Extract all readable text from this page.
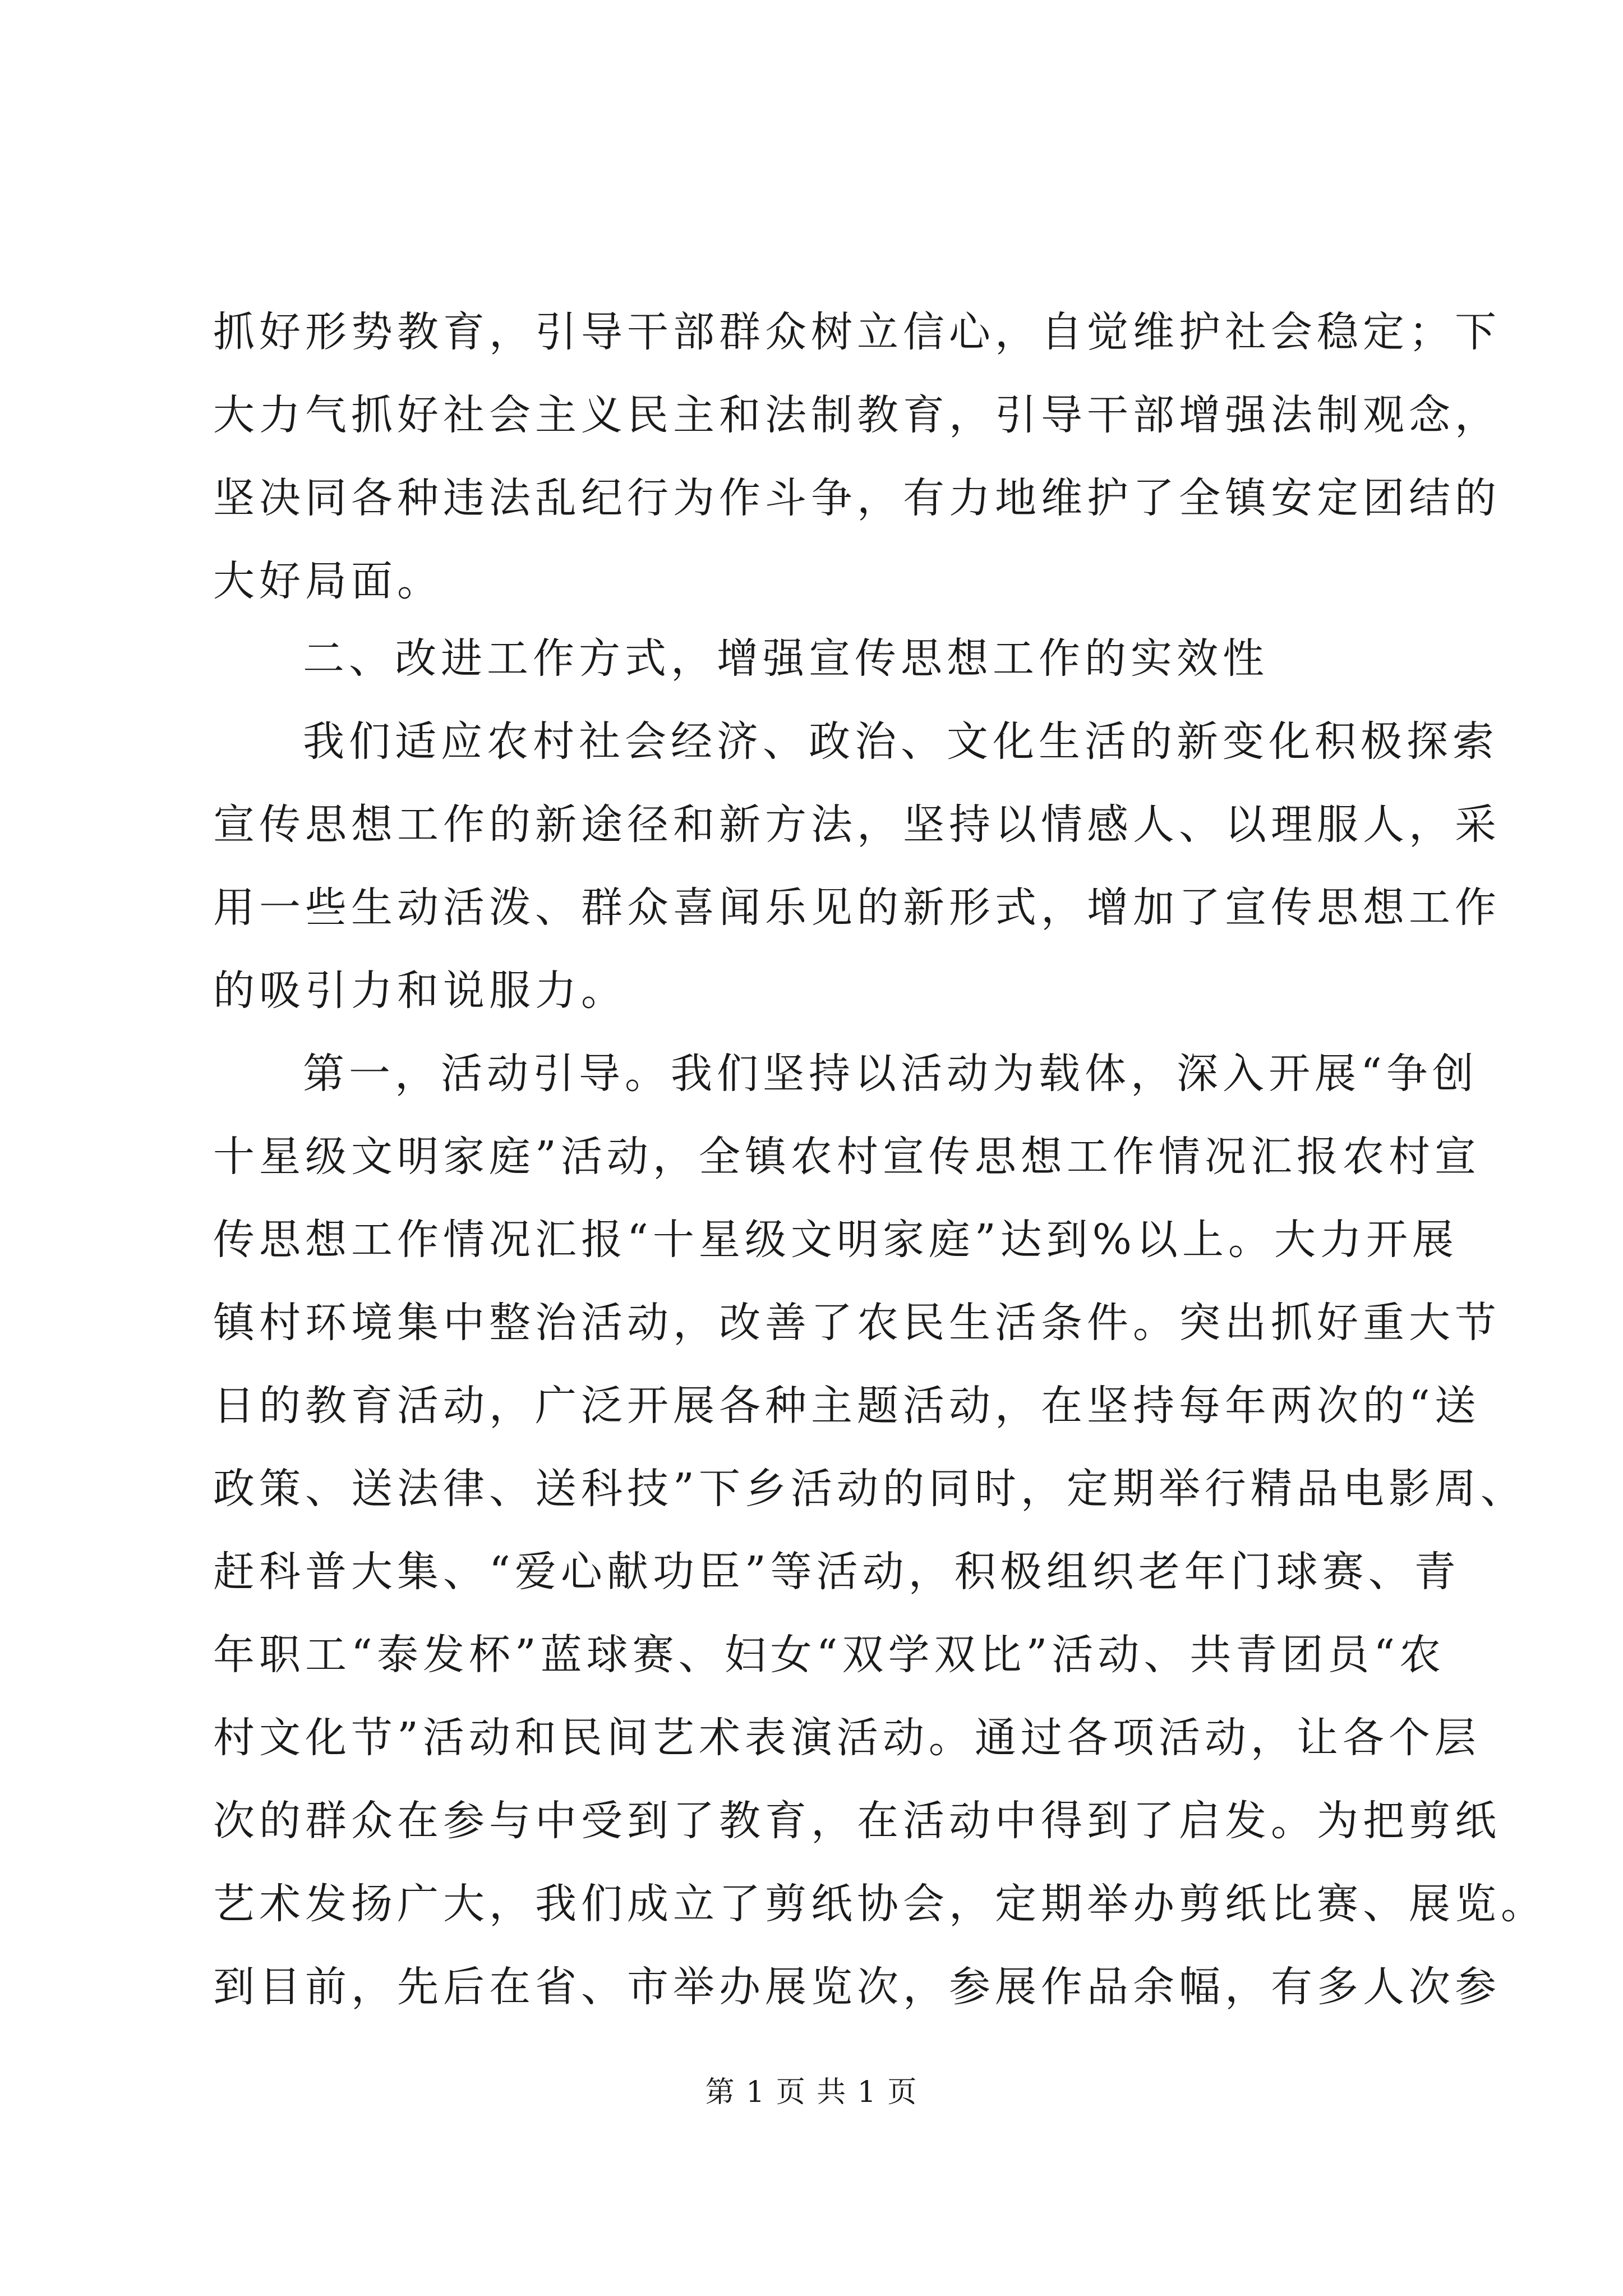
抓好形势教育，引导干部群众树立信心，自觉维护社会稳定；下
大力气抓好社会主义民主和法制教育，引导干部增强法制观念，
坚决同各种违法乱纪行为作斗争，有力地维护了全镇安定团结的
大好局面。
二、改进工作方式，增强宣传思想工作的实效性
我们适应农村社会经济、政治、文化生活的新变化积极探索
宣传思想工作的新途径和新方法，坚持以情感人、以理服人，采
用一些生动活泼、群众喜闻乐见的新形式，增加了宣传思想工作
的吸引力和说服力。
第一，活动引导。我们坚持以活动为载体，深入开展“争创
十星级文明家庭”活动，全镇农村宣传思想工作情况汇报农村宣
传思想工作情况汇报“十星级文明家庭”达到%以上。大力开展
镇村环境集中整治活动，改善了农民生活条件。突出抓好重大节
日的教育活动，广泛开展各种主题活动，在坚持每年两次的“送
政策、送法律、送科技”下乡活动的同时，定期举行精品电影周、
赶科普大集、“爱心献功臣”等活动，积极组织老年门球赛、青
年职工“泰发杯”蓝球赛、妇女“双学双比”活动、共青团员“农
村文化节”活动和民间艺术表演活动。通过各项活动，让各个层
次的群众在参与中受到了教育，在活动中得到了启发。为把剪纸
艺术发扬广大，我们成立了剪纸协会，定期举办剪纸比赛、展览。
到目前，先后在省、市举办展览次，参展作品余幅，有多人次参
第 1 页 共 1 页
